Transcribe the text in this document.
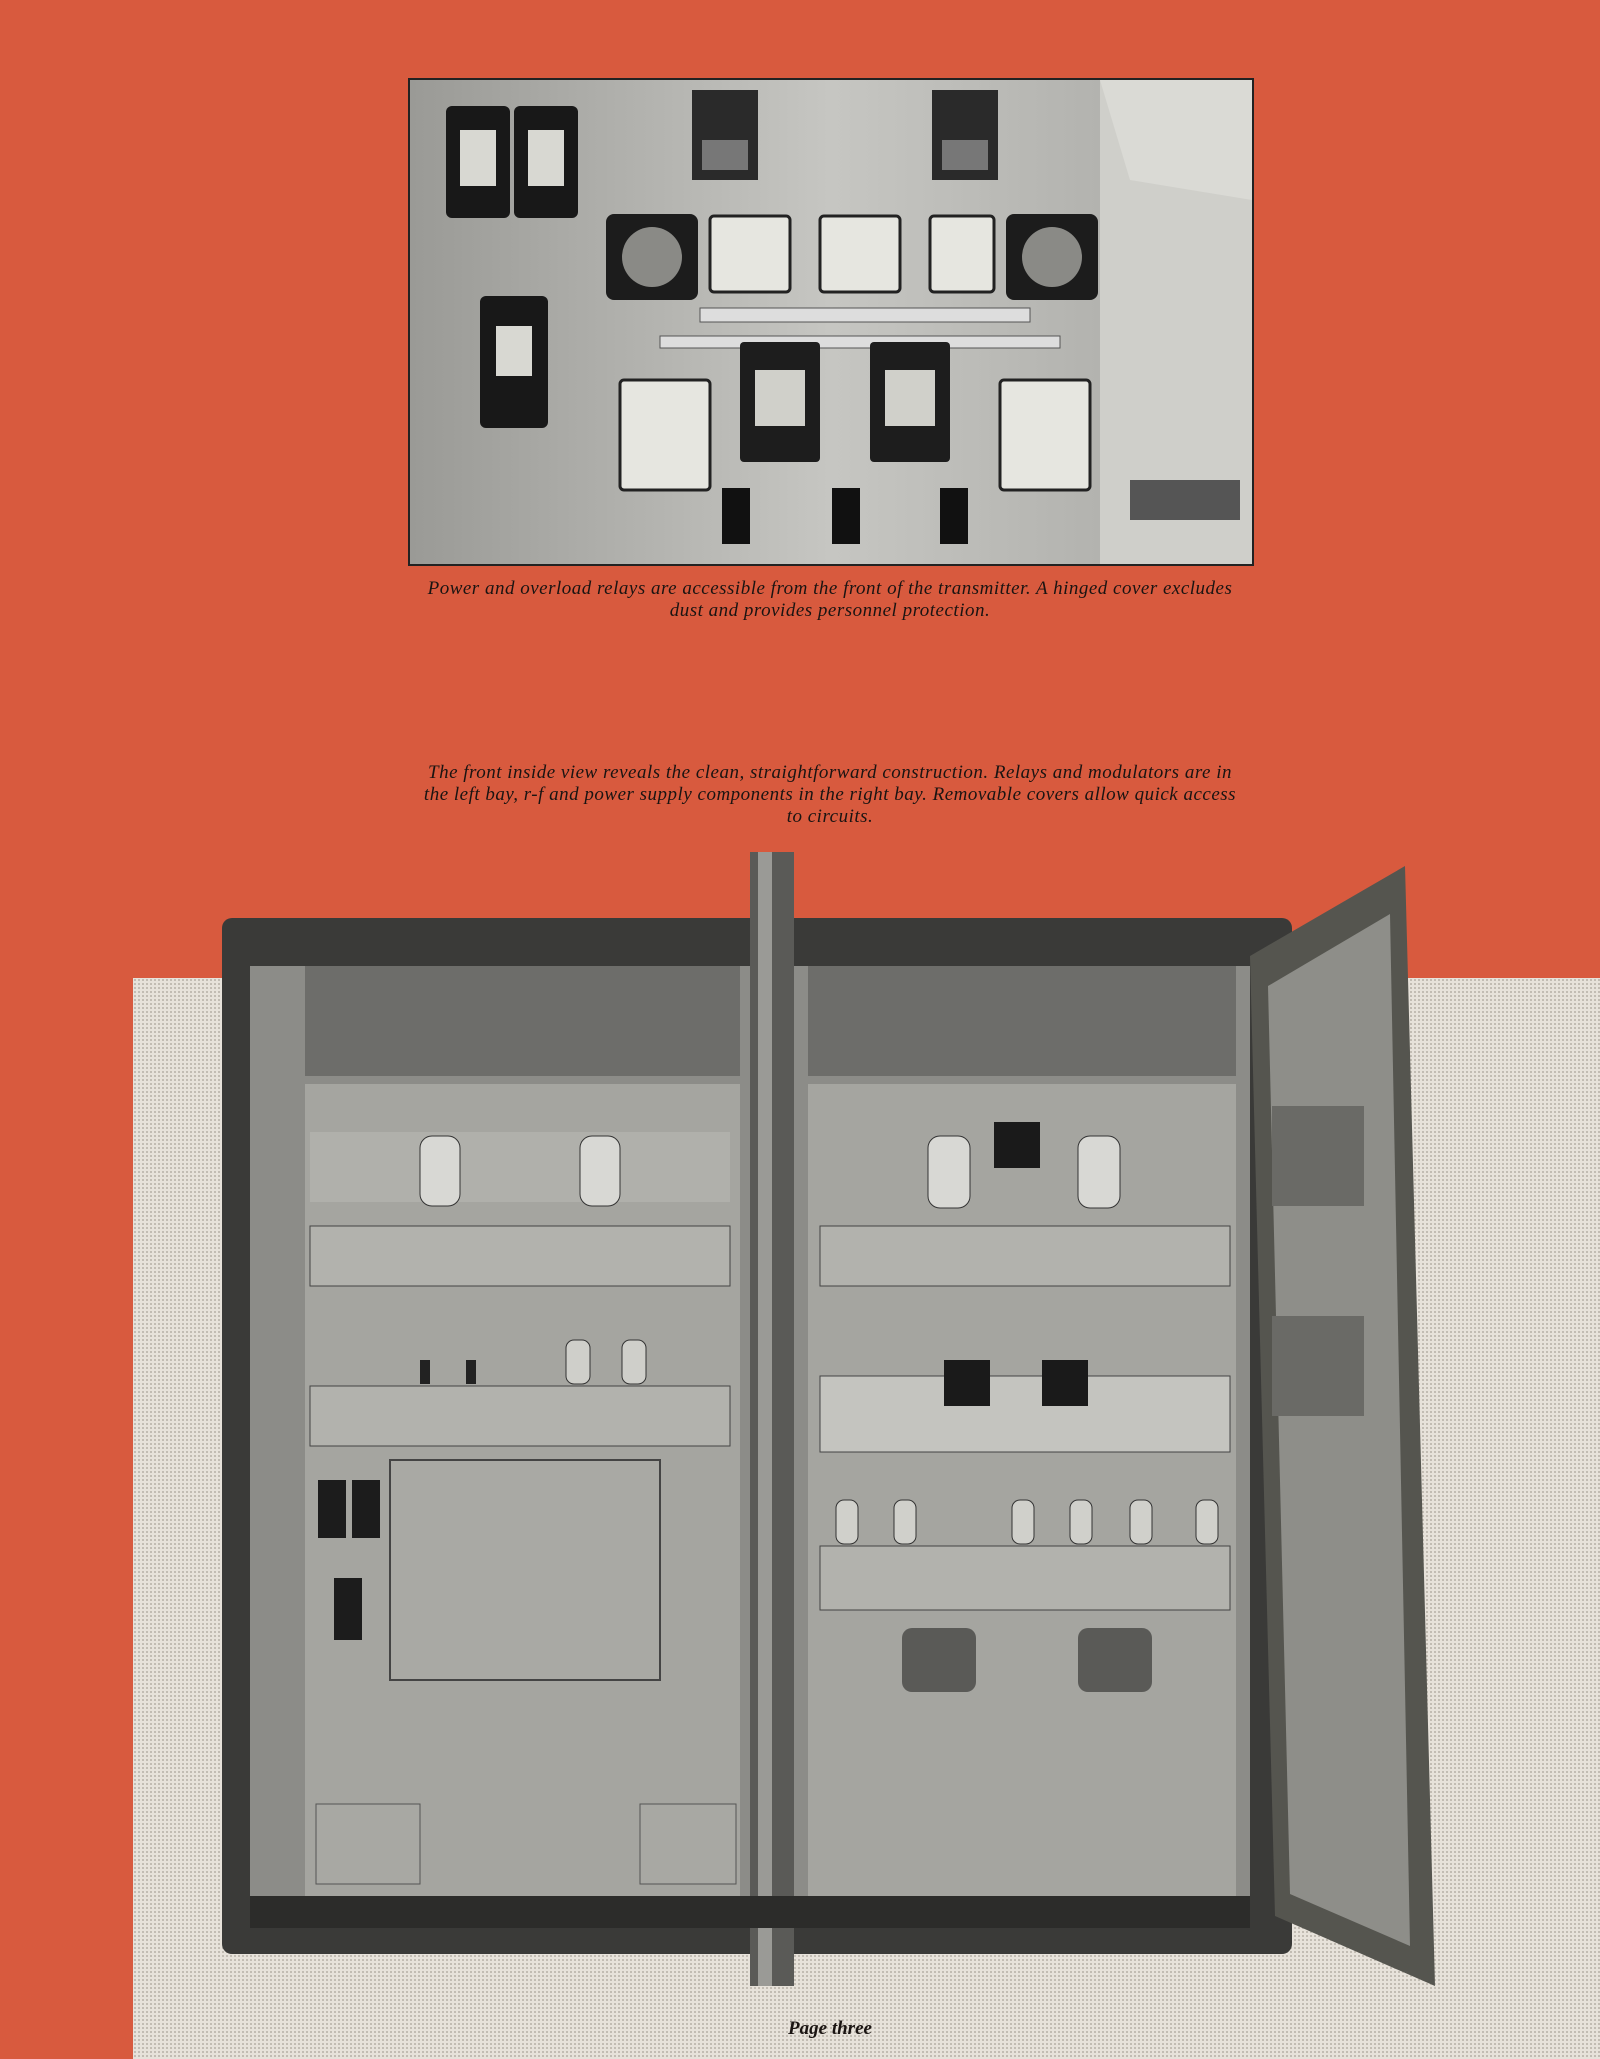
Power and overload relays are accessible from the front of the transmitter. A hinged cover excludes dust and provides personnel protection.
The front inside view reveals the clean, straightforward construction. Relays and modulators are in the left bay, r-f and power supply components in the right bay. Removable covers allow quick access to circuits.
Page three
